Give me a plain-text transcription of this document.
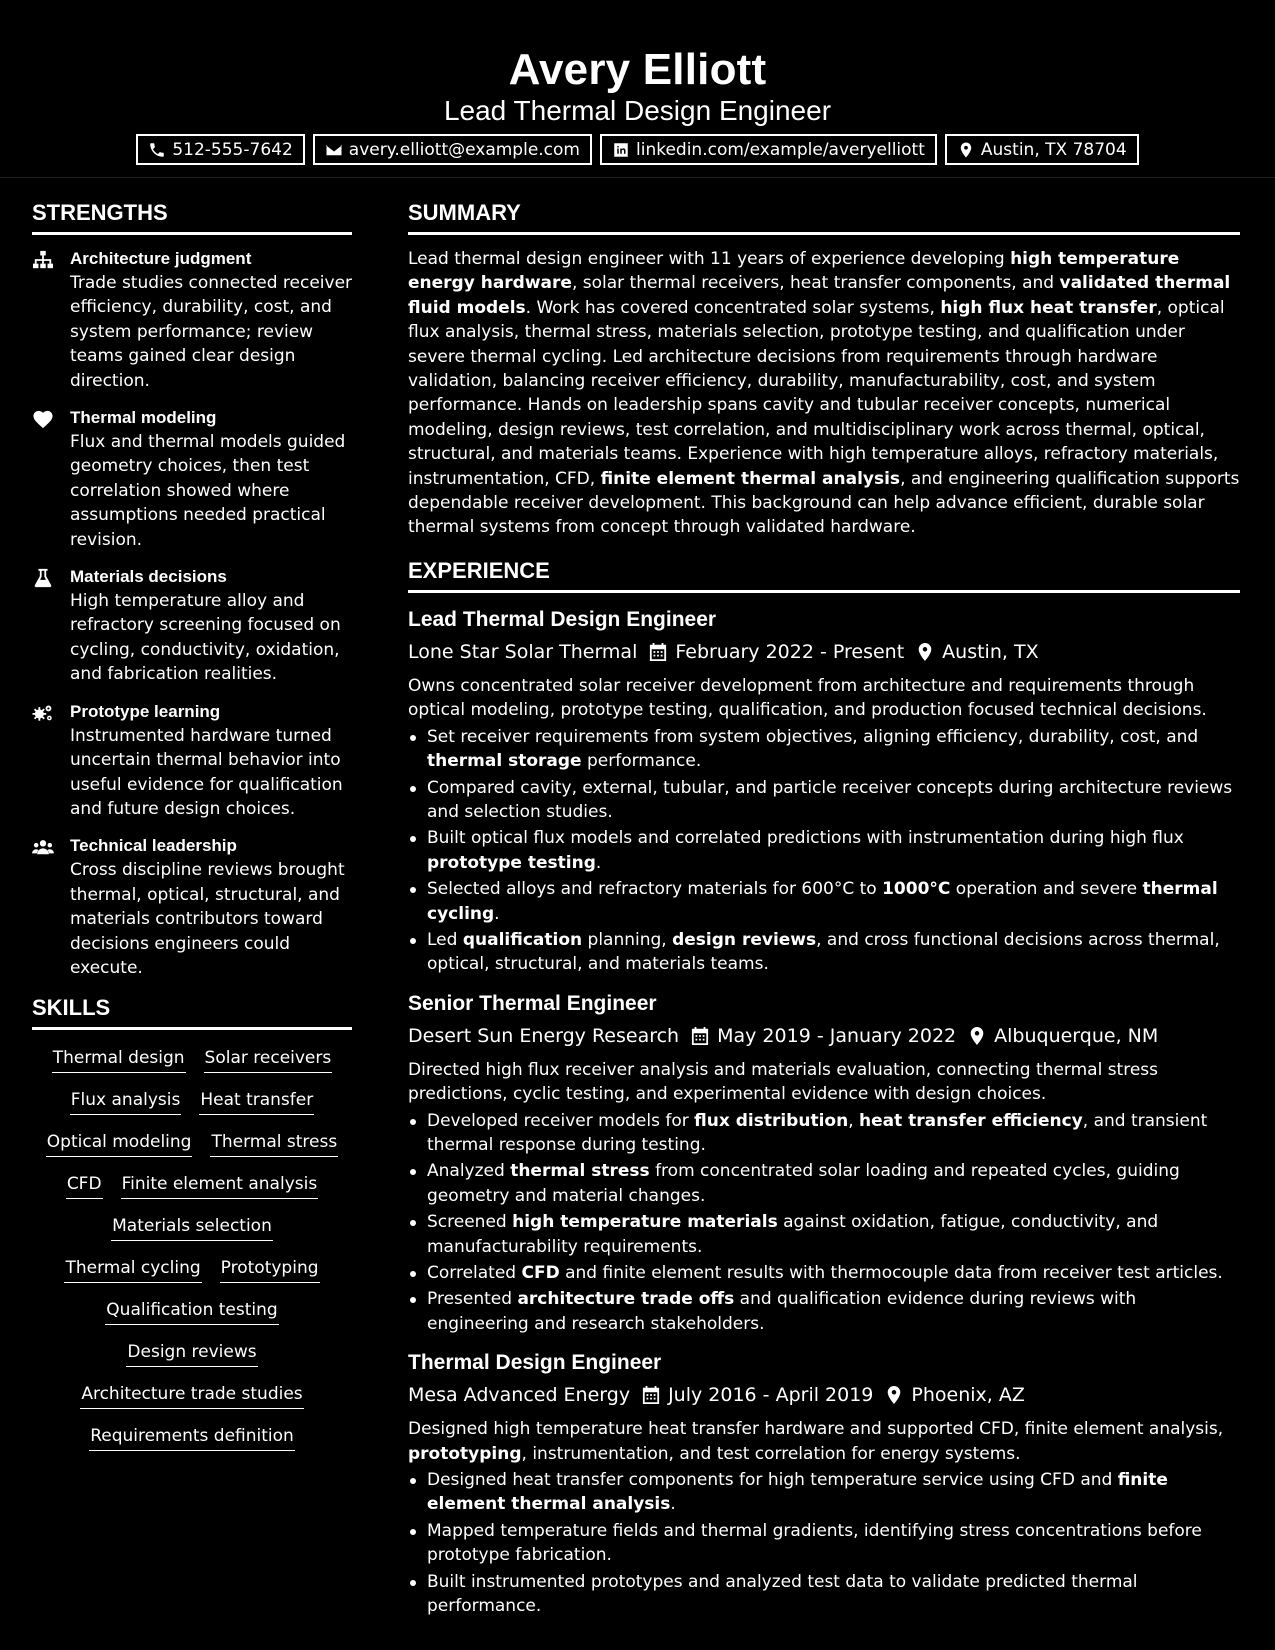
Avery Elliott
Lead Thermal Design Engineer
512-555-7642	avery.elliott@example.com	linkedin.com/example/averyelliott	Austin, TX 78704
STRENGTHS
Architecture judgment
Trade studies connected receiver efficiency, durability, cost, and system performance; review teams gained clear design direction.
Thermal modeling
Flux and thermal models guided geometry choices, then test correlation showed where assumptions needed practical revision.
Materials decisions
High temperature alloy and refractory screening focused on cycling, conductivity, oxidation, and fabrication realities.
Prototype learning
Instrumented hardware turned uncertain thermal behavior into useful evidence for qualification and future design choices.
Technical leadership
Cross discipline reviews brought thermal, optical, structural, and materials contributors toward decisions engineers could execute.
SKILLS
Thermal design Solar receivers
Flux analysis Heat transfer
Optical modeling Thermal stress
CFD Finite element analysis
Materials selection
Thermal cycling Prototyping
Qualification testing
Design reviews
Architecture trade studies
Requirements definition
SUMMARY

Lead thermal design engineer with 11 years of experience developing high temperature energy hardware, solar thermal receivers, heat transfer components, and validated thermal fluid models. Work has covered concentrated solar systems, high flux heat transfer, optical flux analysis, thermal stress, materials selection, prototype testing, and qualification under severe thermal cycling. Led architecture decisions from requirements through hardware validation, balancing receiver efficiency, durability, manufacturability, cost, and system performance. Hands on leadership spans cavity and tubular receiver concepts, numerical modeling, design reviews, test correlation, and multidisciplinary work across thermal, optical, structural, and materials teams. Experience with high temperature alloys, refractory materials, instrumentation, CFD, finite element thermal analysis, and engineering qualification supports dependable receiver development. This background can help advance efficient, durable solar thermal systems from concept through validated hardware.

EXPERIENCE
Lead Thermal Design Engineer
Lone Star Solar Thermal February 2022 - Present Austin, TX
Owns concentrated solar receiver development from architecture and requirements through optical modeling, prototype testing, qualification, and production focused technical decisions.
Set receiver requirements from system objectives, aligning efficiency, durability, cost, and thermal storage performance.
Compared cavity, external, tubular, and particle receiver concepts during architecture reviews and selection studies.
Built optical flux models and correlated predictions with instrumentation during high flux prototype testing.
Selected alloys and refractory materials for 600°C to 1000°C operation and severe thermal cycling.
Led qualification planning, design reviews, and cross functional decisions across thermal, optical, structural, and materials teams.
Senior Thermal Engineer
Desert Sun Energy Research May 2019 - January 2022 Albuquerque, NM
Directed high flux receiver analysis and materials evaluation, connecting thermal stress predictions, cyclic testing, and experimental evidence with design choices.
Developed receiver models for flux distribution, heat transfer efficiency, and transient thermal response during testing.
Analyzed thermal stress from concentrated solar loading and repeated cycles, guiding geometry and material changes.
Screened high temperature materials against oxidation, fatigue, conductivity, and manufacturability requirements.
Correlated CFD and finite element results with thermocouple data from receiver test articles.
Presented architecture trade offs and qualification evidence during reviews with engineering and research stakeholders.
Thermal Design Engineer
Mesa Advanced Energy July 2016 - April 2019 Phoenix, AZ
Designed high temperature heat transfer hardware and supported CFD, finite element analysis, prototyping, instrumentation, and test correlation for energy systems.
Designed heat transfer components for high temperature service using CFD and finite element thermal analysis.
Mapped temperature fields and thermal gradients, identifying stress concentrations before prototype fabrication.
Built instrumented prototypes and analyzed test data to validate predicted thermal performance.
